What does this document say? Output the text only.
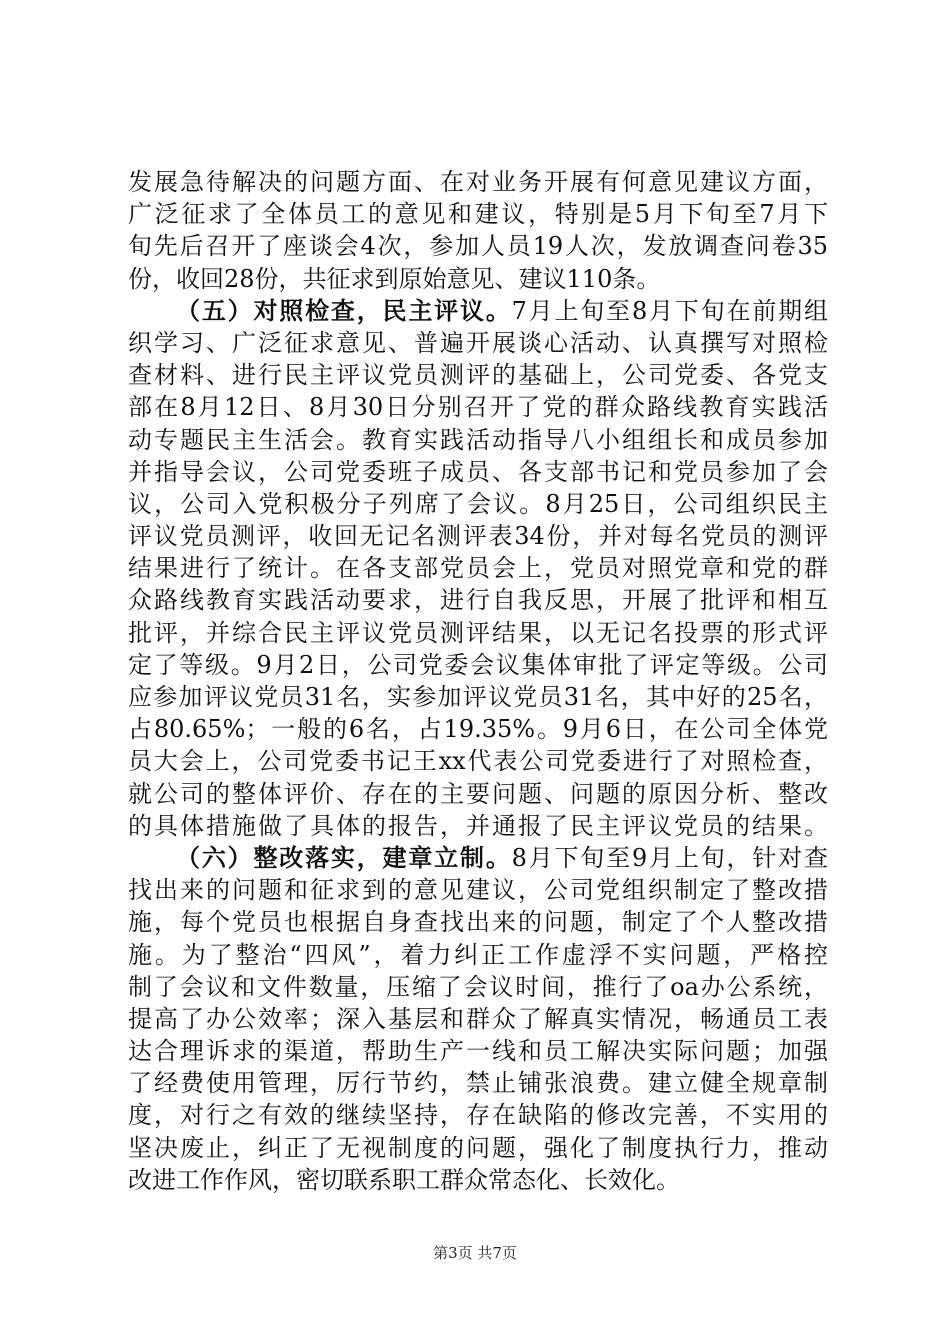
发展急待解决的问题方面、在对业务开展有何意见建议方面，
广泛征求了全体员工的意见和建议，特别是5月下旬至7月下
旬先后召开了座谈会4次，参加人员19人次，发放调查问卷35
份，收回28份，共征求到原始意见、建议110条。
（五）对照检查，民主评议。7月上旬至8月下旬在前期组
织学习、广泛征求意见、普遍开展谈心活动、认真撰写对照检
查材料、进行民主评议党员测评的基础上，公司党委、各党支
部在8月12日、8月30日分别召开了党的群众路线教育实践活
动专题民主生活会。教育实践活动指导八小组组长和成员参加
并指导会议，公司党委班子成员、各支部书记和党员参加了会
议，公司入党积极分子列席了会议。8月25日，公司组织民主
评议党员测评，收回无记名测评表34份，并对每名党员的测评
结果进行了统计。在各支部党员会上，党员对照党章和党的群
众路线教育实践活动要求，进行自我反思，开展了批评和相互
批评，并综合民主评议党员测评结果，以无记名投票的形式评
定了等级。9月2日，公司党委会议集体审批了评定等级。公司
应参加评议党员31名，实参加评议党员31名，其中好的25名，
占80.65%；一般的6名，占19.35%。9月6日，在公司全体党
员大会上，公司党委书记王xx代表公司党委进行了对照检查，
就公司的整体评价、存在的主要问题、问题的原因分析、整改
的具体措施做了具体的报告，并通报了民主评议党员的结果。
（六）整改落实，建章立制。8月下旬至9月上旬，针对查
找出来的问题和征求到的意见建议，公司党组织制定了整改措
施，每个党员也根据自身查找出来的问题，制定了个人整改措
施。为了整治“四风”，着力纠正工作虚浮不实问题，严格控
制了会议和文件数量，压缩了会议时间，推行了oa办公系统，
提高了办公效率；深入基层和群众了解真实情况，畅通员工表
达合理诉求的渠道，帮助生产一线和员工解决实际问题；加强
了经费使用管理，厉行节约，禁止铺张浪费。建立健全规章制
度，对行之有效的继续坚持，存在缺陷的修改完善，不实用的
坚决废止，纠正了无视制度的问题，强化了制度执行力，推动
改进工作作风，密切联系职工群众常态化、长效化。
第3页 共7页
